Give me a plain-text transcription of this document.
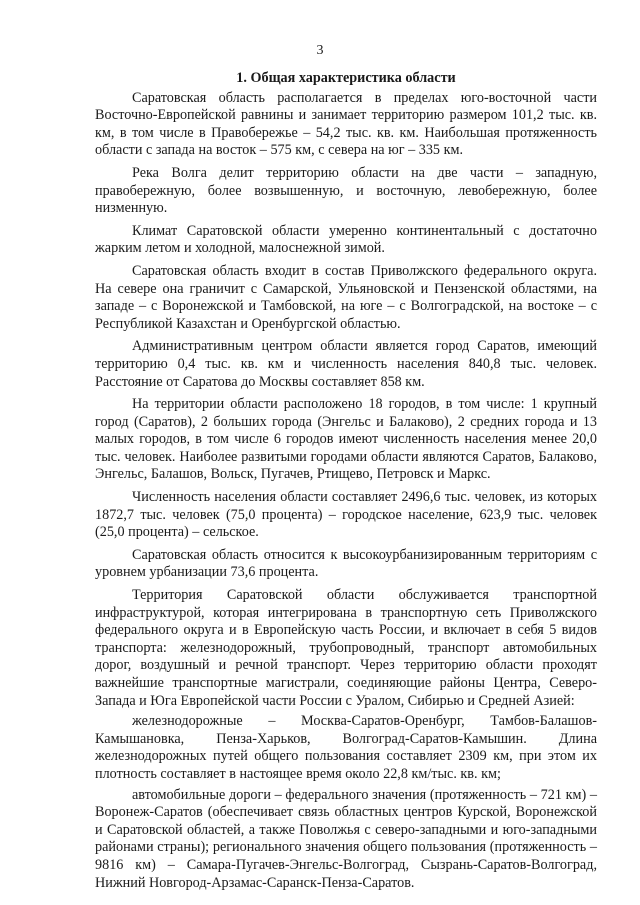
3
1. Общая характеристика области

Саратовская область располагается в пределах юго-восточной части Восточно-Европейской равнины и занимает территорию размером 101,2 тыс. кв. км, в том числе в Правобережье – 54,2 тыс. кв. км. Наибольшая протяженность области с запада на восток – 575 км, с севера на юг – 335 км.

Река Волга делит территорию области на две части – западную, правобережную, более возвышенную, и восточную, левобережную, более низменную.

Климат Саратовской области умеренно континентальный с достаточно жарким летом и холодной, малоснежной зимой.

Саратовская область входит в состав Приволжского федерального округа. На севере она граничит с Самарской, Ульяновской и Пензенской областями, на западе – с Воронежской и Тамбовской, на юге – с Волгоградской, на востоке – с Республикой Казахстан и Оренбургской областью.

Административным центром области является город Саратов, имеющий территорию 0,4 тыс. кв. км и численность населения 840,8 тыс. человек. Расстояние от Саратова до Москвы составляет 858 км.

На территории области расположено 18 городов, в том числе: 1 крупный город (Саратов), 2 больших города (Энгельс и Балаково), 2 средних города и 13 малых городов, в том числе 6 городов имеют численность населения менее 20,0 тыс. человек. Наиболее развитыми городами области являются Саратов, Балаково, Энгельс, Балашов, Вольск, Пугачев, Ртищево, Петровск и Маркс.

Численность населения области составляет 2496,6 тыс. человек, из которых 1872,7 тыс. человек (75,0 процента) – городское население, 623,9 тыс. человек (25,0 процента) – сельское.

Саратовская область относится к высокоурбанизированным территориям с уровнем урбанизации 73,6 процента.

Территория Саратовской области обслуживается транспортной инфраструктурой, которая интегрирована в транспортную сеть Приволжского федерального округа и в Европейскую часть России, и включает в себя 5 видов транспорта: железнодорожный, трубопроводный, транспорт автомобильных дорог, воздушный и речной транспорт. Через территорию области проходят важнейшие транспортные магистрали, соединяющие районы Центра, Северо-Запада и Юга Европейской части России с Уралом, Сибирью и Средней Азией:

железнодорожные – Москва-Саратов-Оренбург, Тамбов-Балашов-Камышановка, Пенза-Харьков, Волгоград-Саратов-Камышин. Длина железнодорожных путей общего пользования составляет 2309 км, при этом их плотность составляет в настоящее время около 22,8 км/тыс. кв. км;

автомобильные дороги – федерального значения (протяженность – 721 км) – Воронеж-Саратов (обеспечивает связь областных центров Курской, Воронежской и Саратовской областей, а также Поволжья с северо-западными и юго-западными районами страны); регионального значения общего пользования (протяженность – 9816 км) – Самара-Пугачев-Энгельс-Волгоград, Сызрань-Саратов-Волгоград, Нижний Новгород-Арзамас-Саранск-Пенза-Саратов.
